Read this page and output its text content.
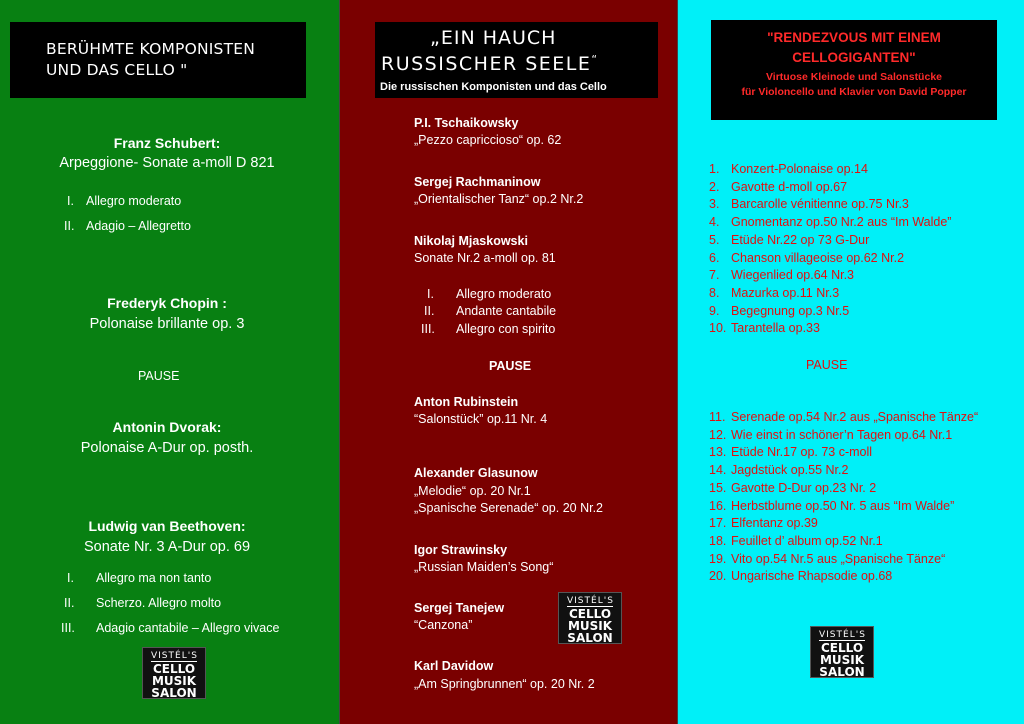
BERÜHMTE KOMPONISTEN
UND DAS CELLO "
Franz Schubert:
Arpeggione- Sonate a-moll D 821
I. Allegro moderato
II. Adagio – Allegretto
Frederyk Chopin :
Polonaise brillante op. 3
PAUSE
Antonin Dvorak:
Polonaise A-Dur op. posth.
Ludwig van Beethoven:
Sonate Nr. 3 A-Dur op. 69
I. Allegro ma non tanto
II. Scherzo. Allegro molto
III. Adagio cantabile – Allegro vivace
VISTÉL'S
CELLO
MUSIK
SALON
„EIN HAUCH
RUSSISCHER SEELE“
Die russischen Komponisten und das Cello
P.I. Tschaikowsky
„Pezzo capriccioso“ op. 62
Sergej Rachmaninow
„Orientalischer Tanz“ op.2 Nr.2
Nikolaj Mjaskowski
Sonate Nr.2 a-moll op. 81
I. Allegro moderato
II. Andante cantabile
III. Allegro con spirito
PAUSE
Anton Rubinstein
“Salonstück” op.11 Nr. 4
Alexander Glasunow
„Melodie“ op. 20 Nr.1
„Spanische Serenade“ op. 20 Nr.2
Igor Strawinsky
„Russian Maiden’s Song“
Sergej Tanejew
“Canzona”
Karl Davidow
„Am Springbrunnen“ op. 20 Nr. 2
VISTÉL'S
CELLO
MUSIK
SALON
"RENDEZVOUS MIT EINEM
CELLOGIGANTEN"
Virtuose Kleinode und Salonstücke
für Violoncello und Klavier von David Popper
1. Konzert-Polonaise op.14
2. Gavotte d-moll op.67
3. Barcarolle vénitienne op.75 Nr.3
4. Gnomentanz op.50 Nr.2 aus “Im Walde”
5. Etüde Nr.22 op 73 G-Dur
6. Chanson villageoise op.62 Nr.2
7. Wiegenlied op.64 Nr.3
8. Mazurka op.11 Nr.3
9. Begegnung op.3 Nr.5
10. Tarantella op.33
PAUSE
11. Serenade op.54 Nr.2 aus „Spanische Tänze“
12. Wie einst in schöner’n Tagen op.64 Nr.1
13. Etüde Nr.17 op. 73 c-moll
14. Jagdstück op.55 Nr.2
15. Gavotte D-Dur op.23 Nr. 2
16. Herbstblume op.50 Nr. 5 aus “Im Walde”
17. Elfentanz op.39
18. Feuillet d’ album op.52 Nr.1
19. Vito op.54 Nr.5 aus „Spanische Tänze“
20. Ungarische Rhapsodie op.68
VISTÉL'S
CELLO
MUSIK
SALON
